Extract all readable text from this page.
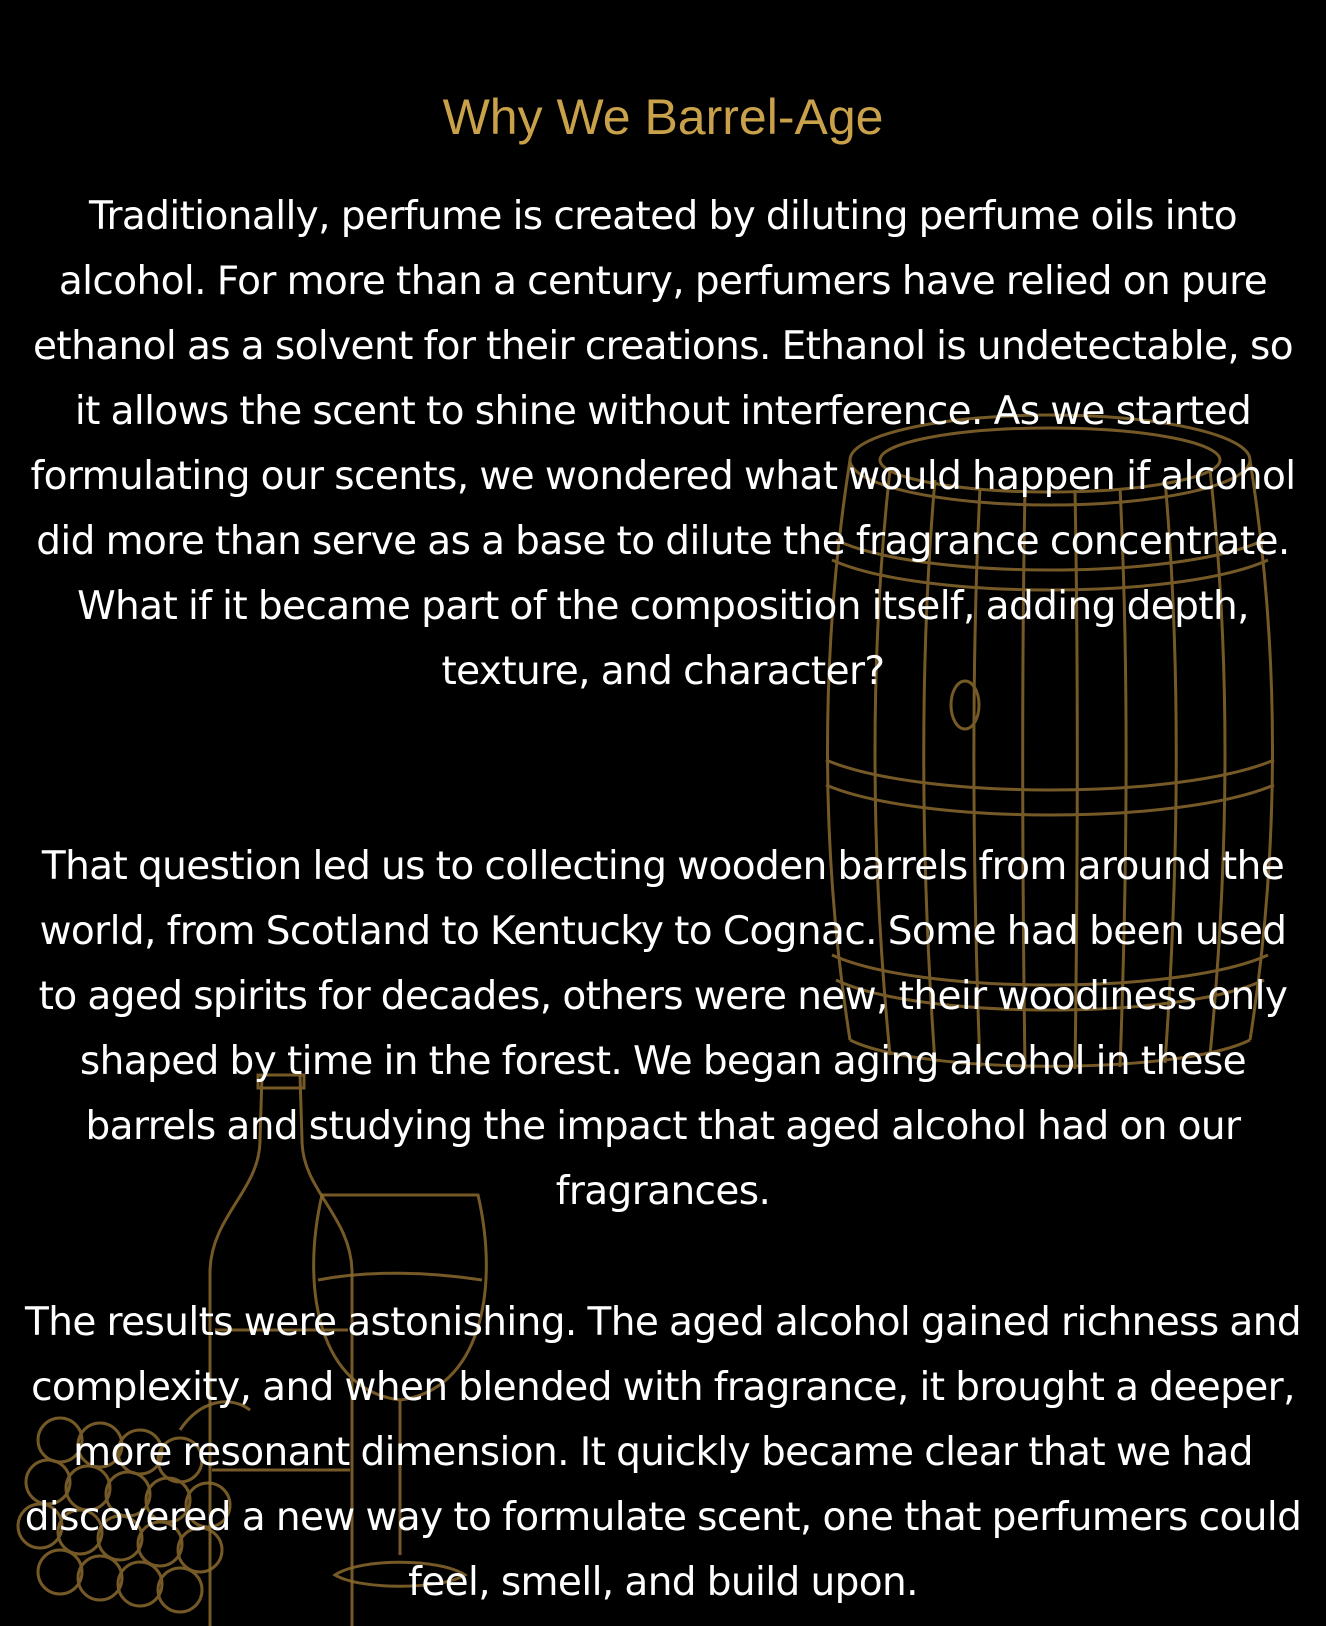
Why We Barrel-Age

Traditionally, perfume is created by diluting perfume oils into alcohol. For more than a century, perfumers have relied on pure ethanol as a solvent for their creations. Ethanol is undetectable, so it allows the scent to shine without interference. As we started formulating our scents, we wondered what would happen if alcohol did more than serve as a base to dilute the fragrance concentrate. What if it became part of the composition itself, adding depth, texture, and character?

That question led us to collecting wooden barrels from around the world, from Scotland to Kentucky to Cognac. Some had been used to aged spirits for decades, others were new, their woodiness only shaped by time in the forest. We began aging alcohol in these barrels and studying the impact that aged alcohol had on our fragrances.

The results were astonishing. The aged alcohol gained richness and complexity, and when blended with fragrance, it brought a deeper, more resonant dimension. It quickly became clear that we had discovered a new way to formulate scent, one that perfumers could feel, smell, and build upon.
